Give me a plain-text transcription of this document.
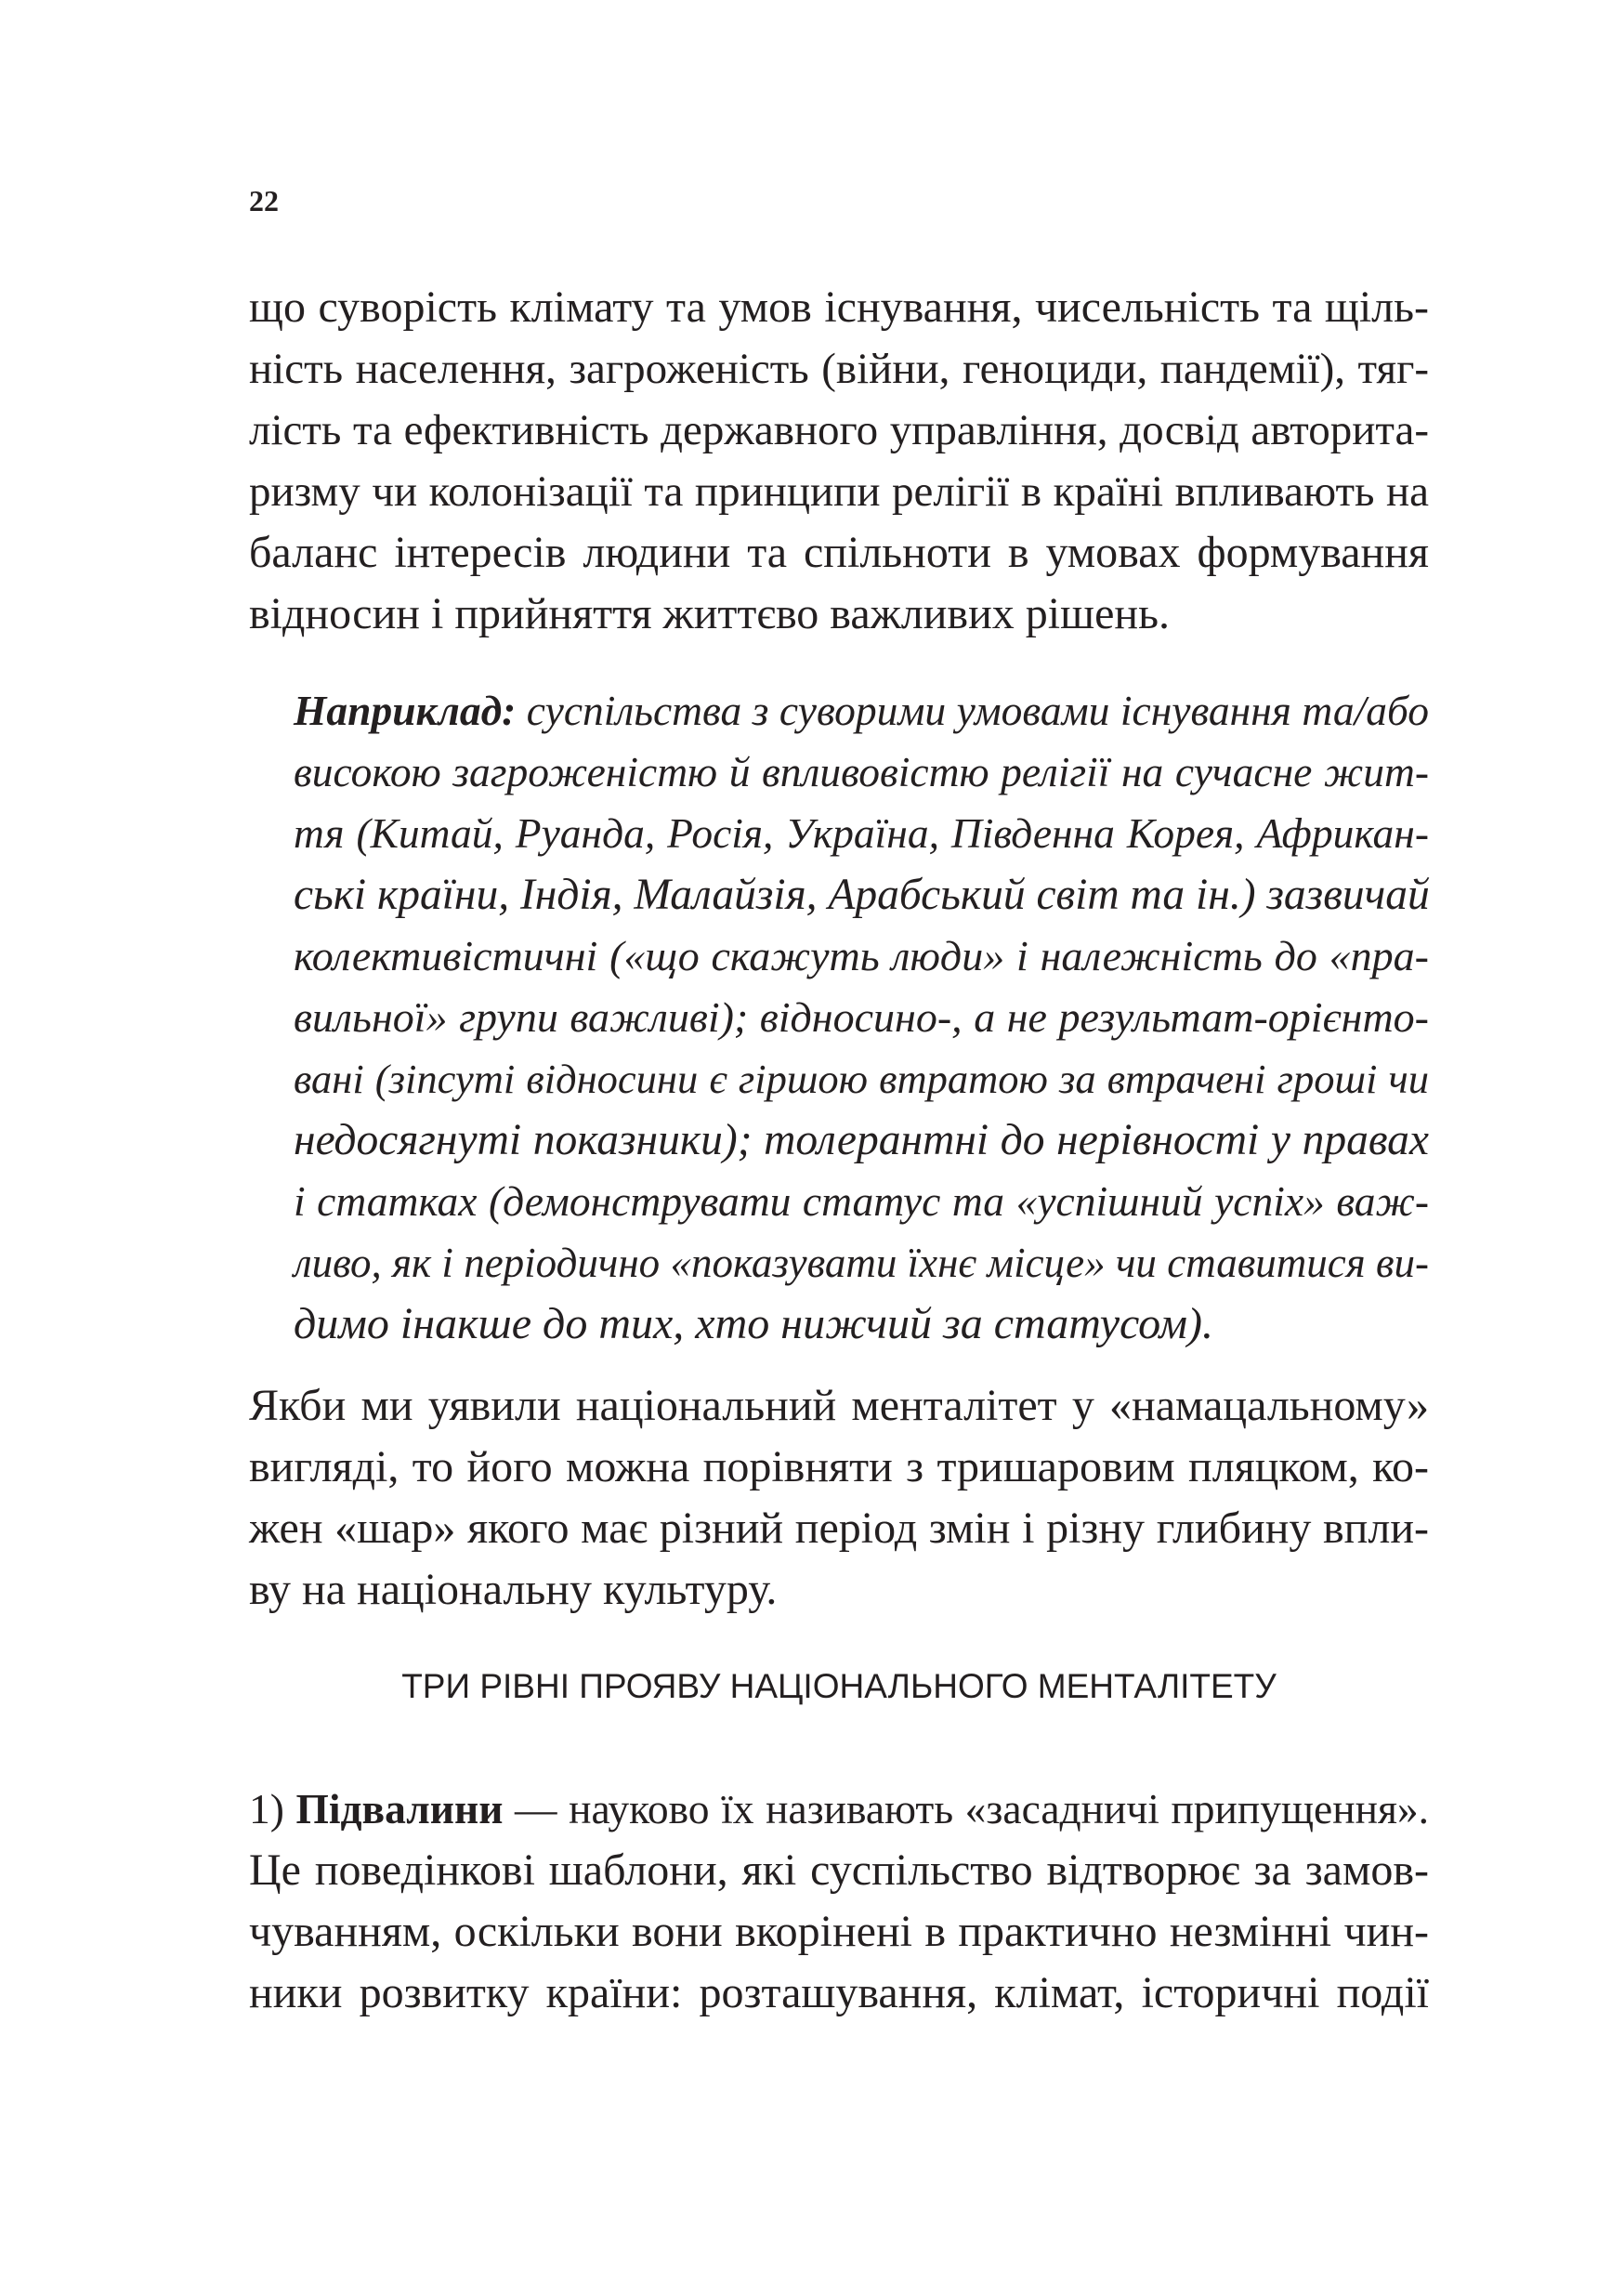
22
що суворість клімату та умов існування, чисельність та щіль-
ність населення, загроженість (війни, геноциди, пандемії), тяг-
лість та ефективність державного управління, досвід авторита-
ризму чи колонізації та принципи релігії в країні впливають на
баланс інтересів людини та спільноти в умовах формування
відносин і прийняття життєво важливих рішень.
Наприклад: суспільства з суворими умовами існування та/або
високою загроженістю й впливовістю релігії на сучасне жит-
тя (Китай, Руанда, Росія, Україна, Південна Корея, Африкан-
ські країни, Індія, Малайзія, Арабський світ та ін.) зазвичай
колективістичні («що скажуть люди» і належність до «пра-
вильної» групи важливі); відносино-, а не результат-орієнто-
вані (зіпсуті відносини є гіршою втратою за втрачені гроші чи
недосягнуті показники); толерантні до нерівності у правах
і статках (демонструвати статус та «успішний успіх» важ-
ливо, як і періодично «показувати їхнє місце» чи ставитися ви-
димо інакше до тих, хто нижчий за статусом).
Якби ми уявили національний менталітет у «намацальному»
вигляді, то його можна порівняти з тришаровим пляцком, ко-
жен «шар» якого має різний період змін і різну глибину впли-
ву на національну культуру.
ТРИ РІВНІ ПРОЯВУ НАЦІОНАЛЬНОГО МЕНТАЛІТЕТУ
1) Підвалини — науково їх називають «засадничі припущення».
Це поведінкові шаблони, які суспільство відтворює за замов-
чуванням, оскільки вони вкорінені в практично незмінні чин-
ники розвитку країни: розташування, клімат, історичні події
